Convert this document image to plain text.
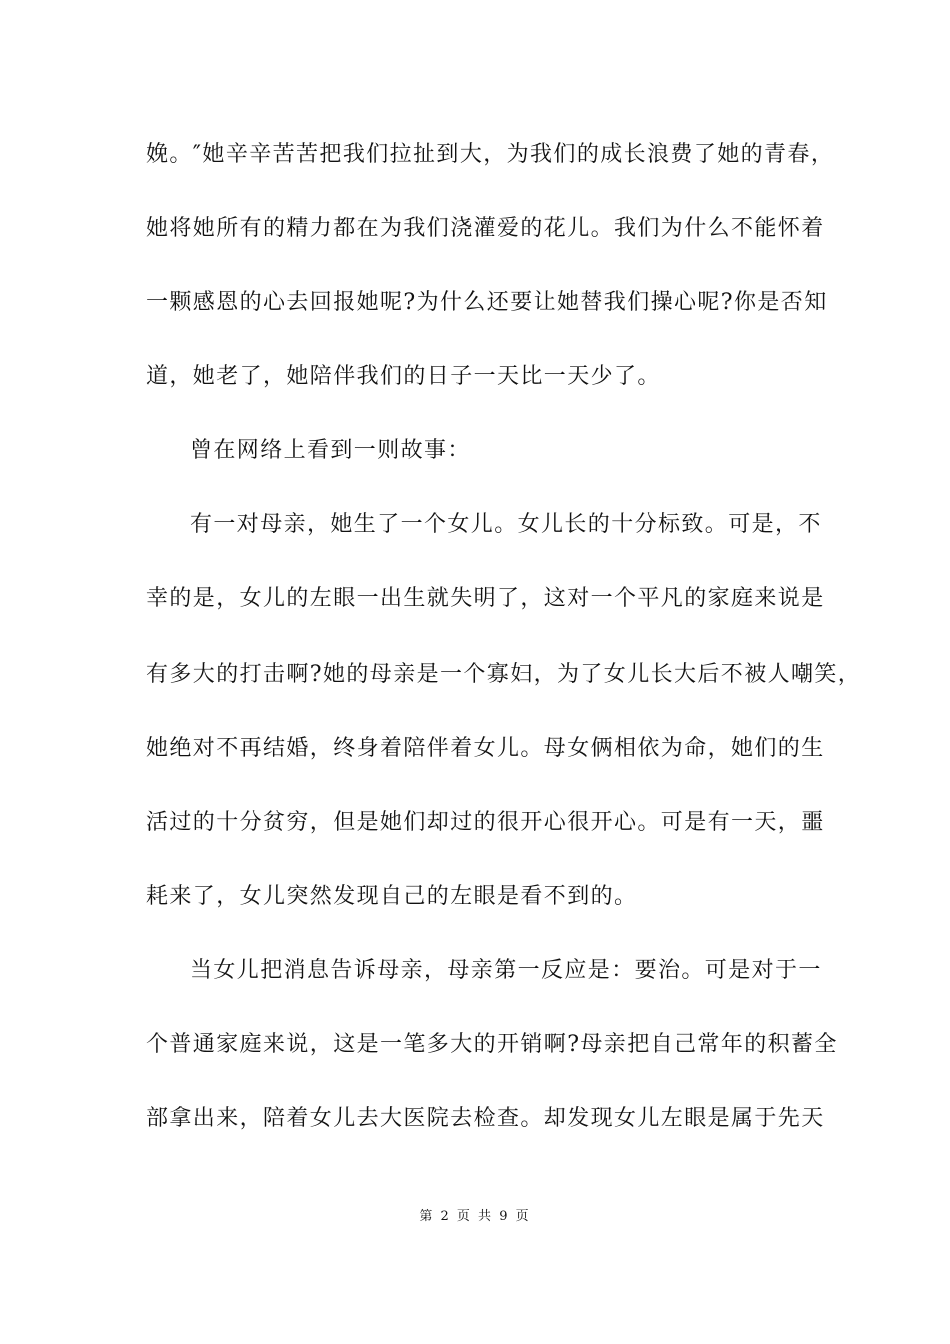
娩。″她辛辛苦苦把我们拉扯到大，为我们的成长浪费了她的青春，
她将她所有的精力都在为我们浇灌爱的花儿。我们为什么不能怀着
一颗感恩的心去回报她呢?为什么还要让她替我们操心呢?你是否知
道，她老了，她陪伴我们的日子一天比一天少了。
曾在网络上看到一则故事：
有一对母亲，她生了一个女儿。女儿长的十分标致。可是，不
幸的是，女儿的左眼一出生就失明了，这对一个平凡的家庭来说是
有多大的打击啊?她的母亲是一个寡妇，为了女儿长大后不被人嘲笑，
她绝对不再结婚，终身着陪伴着女儿。母女俩相依为命，她们的生
活过的十分贫穷，但是她们却过的很开心很开心。可是有一天，噩
耗来了，女儿突然发现自己的左眼是看不到的。
当女儿把消息告诉母亲，母亲第一反应是：要治。可是对于一
个普通家庭来说，这是一笔多大的开销啊?母亲把自己常年的积蓄全
部拿出来，陪着女儿去大医院去检查。却发现女儿左眼是属于先天
第 2 页 共 9 页
